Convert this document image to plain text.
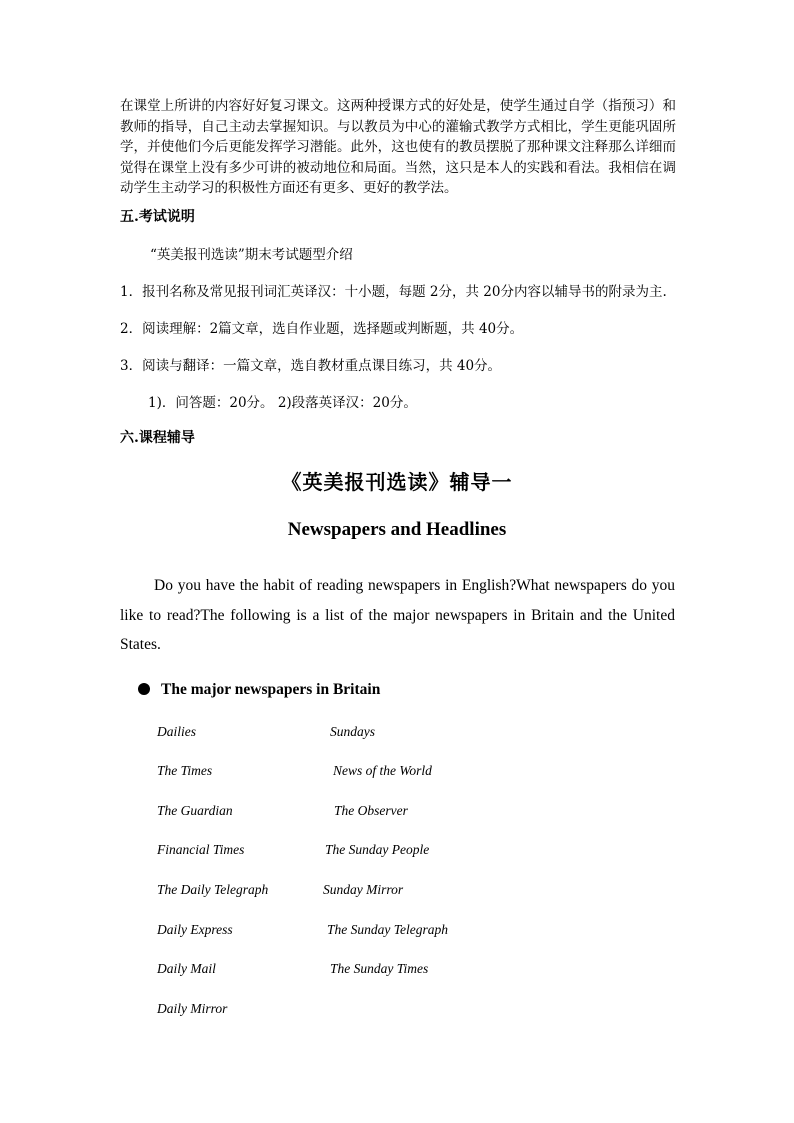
在课堂上所讲的内容好好复习课文。这两种授课方式的好处是，使学生通过自学（指预习）和教师的指导，自己主动去掌握知识。与以教员为中心的灌输式教学方式相比，学生更能巩固所学，并使他们今后更能发挥学习潜能。此外，这也使有的教员摆脱了那种课文注释那么详细而觉得在课堂上没有多少可讲的被动地位和局面。当然，这只是本人的实践和看法。我相信在调动学生主动学习的积极性方面还有更多、更好的教学法。
五.考试说明
“英美报刊选读”期末考试题型介绍
1．报刊名称及常见报刊词汇英译汉：十小题，每题 2分，共 20分内容以辅导书的附录为主.
2．阅读理解：2篇文章，选自作业题，选择题或判断题，共 40分。
3．阅读与翻译：一篇文章，选自教材重点课目练习，共 40分。
1)．问答题：20分。 2)段落英译汉：20分。
六.课程辅导
《英美报刊选读》辅导一
Newspapers and Headlines
Do you have the habit of reading newspapers in English?What newspapers do you like to read?The following is a list of the major newspapers in Britain and the United States.
The major newspapers in Britain
Dailies	Sundays
The Times	News of the World
The Guardian	The Observer
Financial Times	The Sunday People
The Daily Telegraph	Sunday Mirror
Daily Express	The Sunday Telegraph
Daily Mail	The Sunday Times
Daily Mirror
